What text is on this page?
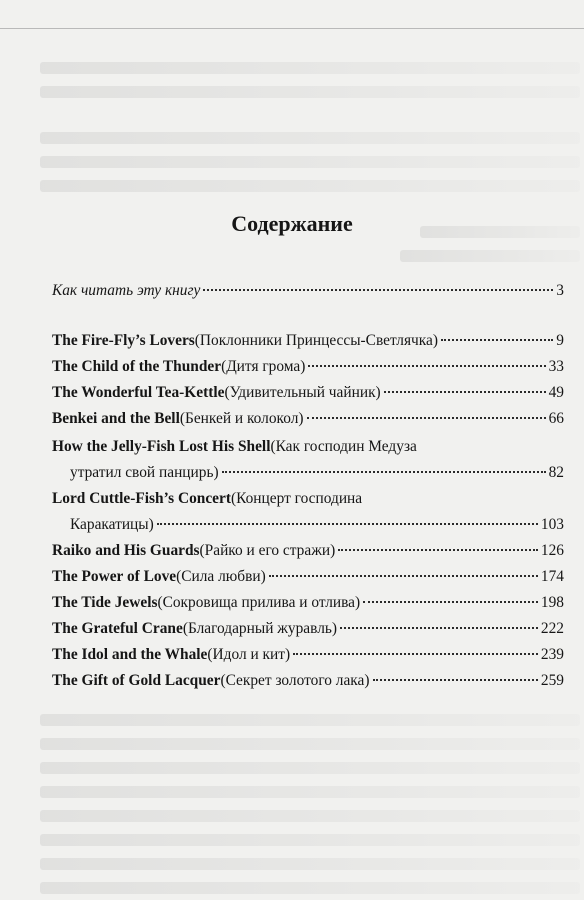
Содержание
Как читать эту книгу	3
The Fire-Fly’s Lovers (Поклонники Принцессы-Светлячка)	9
The Child of the Thunder (Дитя грома)	33
The Wonderful Tea-Kettle (Удивительный чайник)	49
Benkei and the Bell (Бенкей и колокол)	66
How the Jelly-Fish Lost His Shell (Как господин Медуза
утратил свой панцирь)	82
Lord Cuttle-Fish’s Concert (Концерт господина
Каракатицы)	103
Raiko and His Guards (Райко и его стражи)	126
The Power of Love (Сила любви)	174
The Tide Jewels (Сокровища прилива и отлива)	198
The Grateful Crane (Благодарный журавль)	222
The Idol and the Whale (Идол и кит)	239
The Gift of Gold Lacquer (Секрет золотого лака)	259
